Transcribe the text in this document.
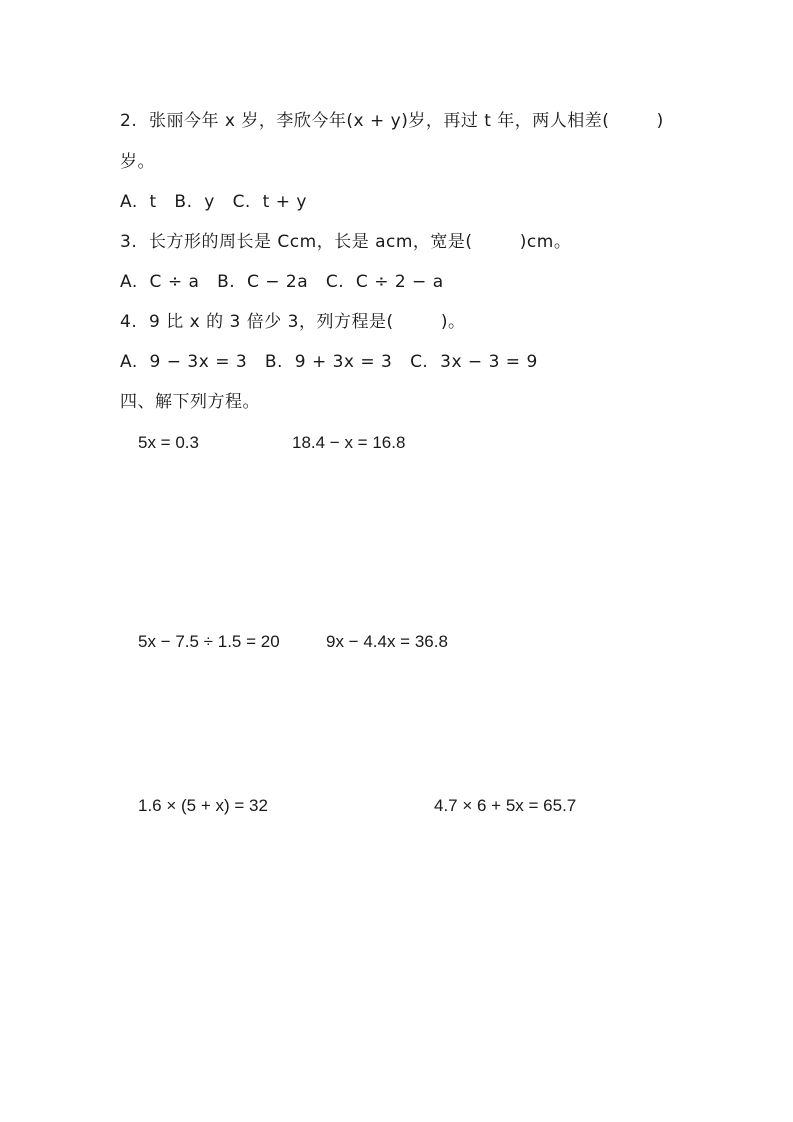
2.  张丽今年 x 岁，李欣今年(x + y)岁，再过 t 年，两人相差(        )
岁。
A.  t   B.  y   C.  t + y
3.  长方形的周长是 Ccm，长是 acm，宽是(        )cm。
A.  C ÷ a   B.  C − 2a   C.  C ÷ 2 − a
4.  9 比 x 的 3 倍少 3，列方程是(        )。
A.  9 − 3x = 3   B.  9 + 3x = 3   C.  3x − 3 = 9
四、解下列方程。
5x = 0.3	18.4 − x = 16.8
5x − 7.5 ÷ 1.5 = 20	9x − 4.4x = 36.8
1.6 × (5 + x) = 32	4.7 × 6 + 5x = 65.7
